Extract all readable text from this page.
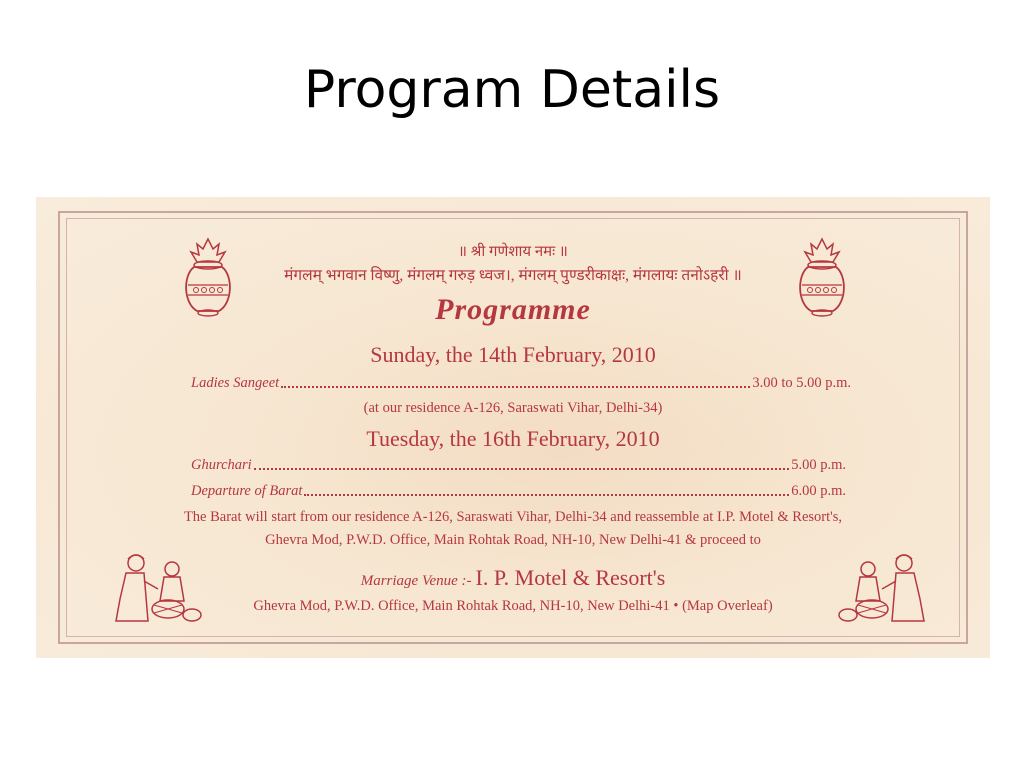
Program Details
॥ श्री गणेशाय नमः ॥
मंगलम् भगवान विष्णु, मंगलम् गरुड़ ध्वज।, मंगलम् पुण्डरीकाक्षः, मंगलायः तनोऽहरी ॥
Programme
Sunday, the 14th February, 2010
Ladies Sangeet	3.00 to 5.00 p.m.
(at our residence A-126, Saraswati Vihar, Delhi-34)
Tuesday, the 16th February, 2010
Ghurchari	5.00 p.m.
Departure of Barat	6.00 p.m.
The Barat will start from our residence A-126, Saraswati Vihar, Delhi-34 and reassemble at I.P. Motel & Resort's,
Ghevra Mod, P.W.D. Office, Main Rohtak Road, NH-10, New Delhi-41 & proceed to
Marriage Venue :- I. P. Motel & Resort's
Ghevra Mod, P.W.D. Office, Main Rohtak Road, NH-10, New Delhi-41 • (Map Overleaf)
